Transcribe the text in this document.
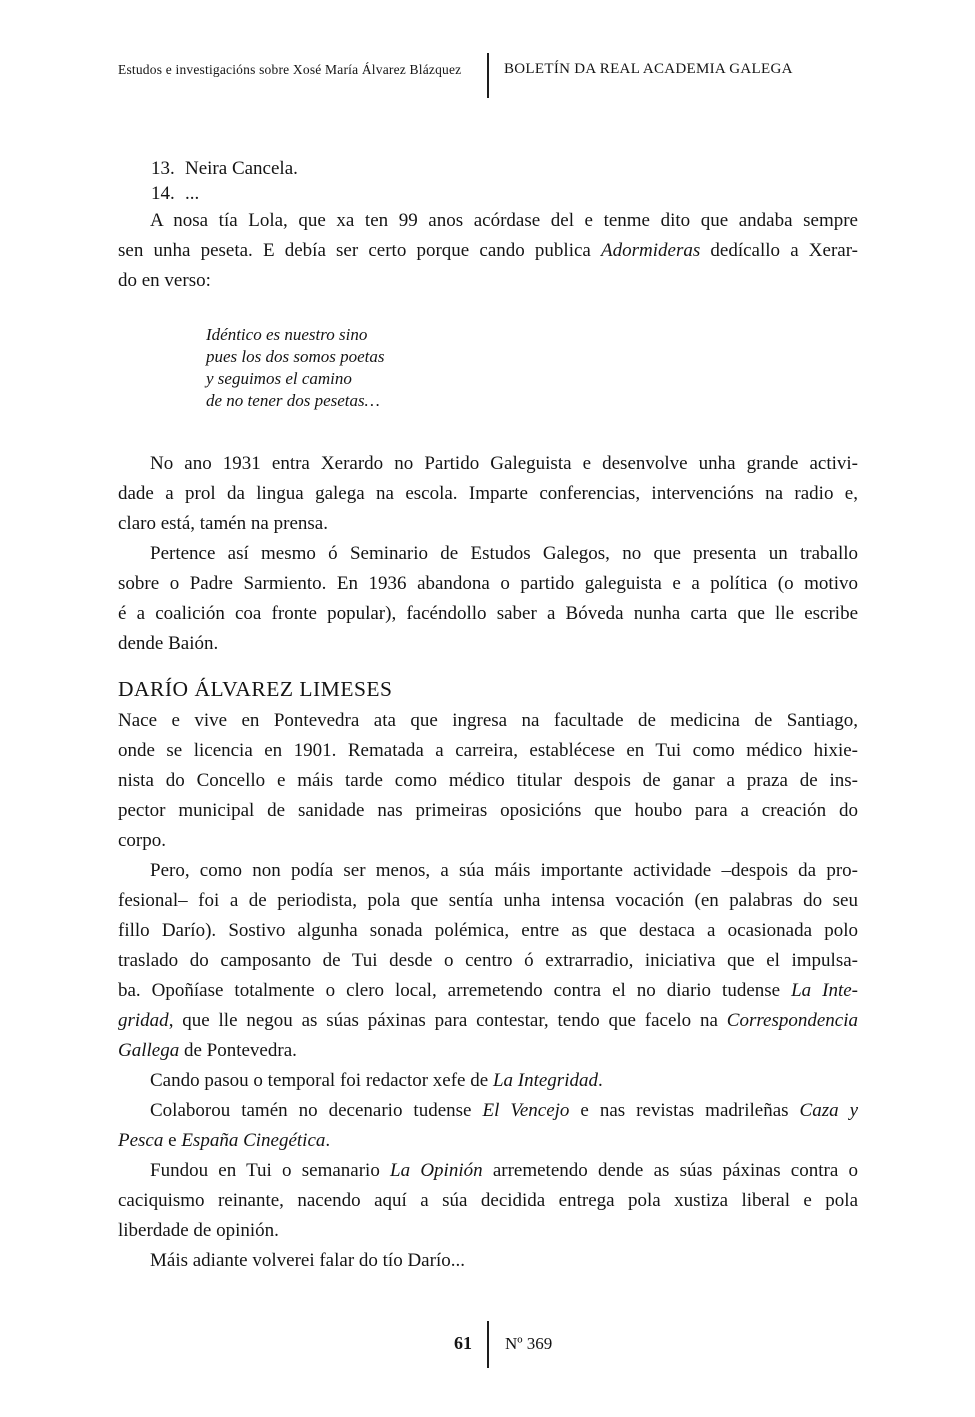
Estudos e investigacións sobre Xosé María Álvarez Blázquez	BOLETÍN DA REAL ACADEMIA GALEGA
13. Neira Cancela.
14. ...
A nosa tía Lola, que xa ten 99 anos acórdase del e tenme dito que andaba sempre
sen unha peseta. E debía ser certo porque cando publica Adormideras dedícallo a Xerar-
do en verso:
Idéntico es nuestro sino
pues los dos somos poetas
y seguimos el camino
de no tener dos pesetas…
No ano 1931 entra Xerardo no Partido Galeguista e desenvolve unha grande activi-
dade a prol da lingua galega na escola. Imparte conferencias, intervencións na radio e,
claro está, tamén na prensa.
Pertence así mesmo ó Seminario de Estudos Galegos, no que presenta un traballo
sobre o Padre Sarmiento. En 1936 abandona o partido galeguista e a política (o motivo
é a coalición coa fronte popular), facéndollo saber a Bóveda nunha carta que lle escribe
dende Baión.
DARÍO ÁLVAREZ LIMESES
Nace e vive en Pontevedra ata que ingresa na facultade de medicina de Santiago,
onde se licencia en 1901. Rematada a carreira, establécese en Tui como médico hixie-
nista do Concello e máis tarde como médico titular despois de ganar a praza de ins-
pector municipal de sanidade nas primeiras oposicións que houbo para a creación do
corpo.
Pero, como non podía ser menos, a súa máis importante actividade –despois da pro-
fesional– foi a de periodista, pola que sentía unha intensa vocación (en palabras do seu
fillo Darío). Sostivo algunha sonada polémica, entre as que destaca a ocasionada polo
traslado do camposanto de Tui desde o centro ó extrarradio, iniciativa que el impulsa-
ba. Opoñíase totalmente o clero local, arremetendo contra el no diario tudense La Inte-
gridad, que lle negou as súas páxinas para contestar, tendo que facelo na Correspondencia
Gallega de Pontevedra.
Cando pasou o temporal foi redactor xefe de La Integridad.
Colaborou tamén no decenario tudense El Vencejo e nas revistas madrileñas Caza y
Pesca e España Cinegética.
Fundou en Tui o semanario La Opinión arremetendo dende as súas páxinas contra o
caciquismo reinante, nacendo aquí a súa decidida entrega pola xustiza liberal e pola
liberdade de opinión.
Máis adiante volverei falar do tío Darío...
61 Nº 369
